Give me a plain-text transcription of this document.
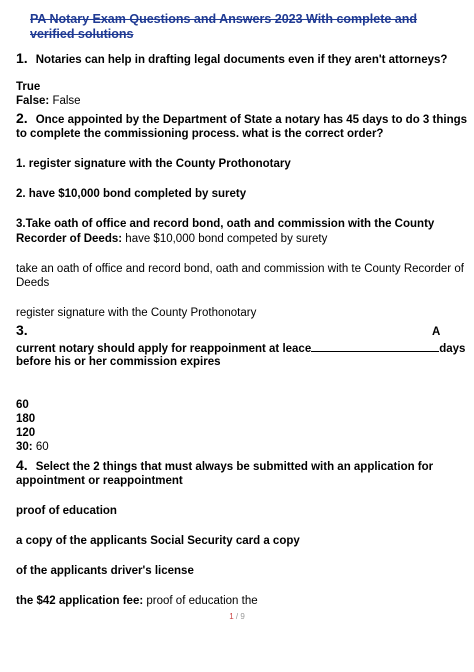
PA Notary Exam Questions and Answers 2023 With complete and verified solutions
1. Notaries can help in drafting legal documents even if they aren't attorneys?
True
False: False
2. Once appointed by the Department of State a notary has 45 days to do 3 things
to complete the commissioning process. what is the correct order?
1. register signature with the County Prothonotary
2. have $10,000 bond completed by surety
3.Take oath of office and record bond, oath and commission with the County
Recorder of Deeds: have $10,000 bond competed by surety
take an oath of office and record bond, oath and commission with te County Recorder of
Deeds
register signature with the County Prothonotary
3.	A
current notary should apply for reappoinment at leace	days
before his or her commission expires
60
180
120
30: 60
4. Select the 2 things that must always be submitted with an application for
appointment or reappointment
proof of education
a copy of the applicants Social Security card a copy
of the applicants driver's license
the $42 application fee: proof of education the
1 / 9
